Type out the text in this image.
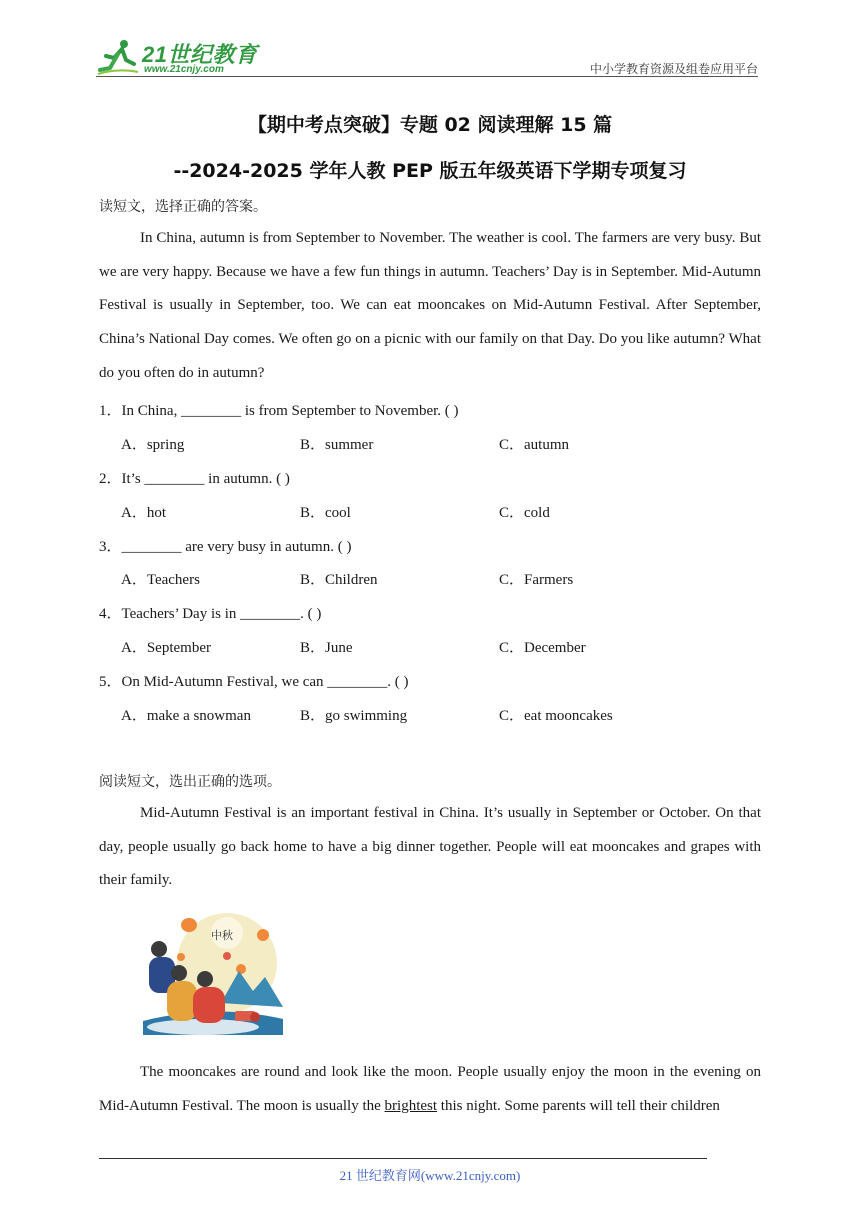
21世纪教育
www.21cnjy.com	中小学教育资源及组卷应用平台
【期中考点突破】专题 02 阅读理解 15 篇
--2024-2025 学年人教 PEP 版五年级英语下学期专项复习
读短文，选择正确的答案。
In China, autumn is from September to November. The weather is cool. The farmers are very busy. But we are very happy. Because we have a few fun things in autumn. Teachers’ Day is in September. Mid-Autumn Festival is usually in September, too. We can eat mooncakes on Mid-Autumn Festival. After September, China’s National Day comes. We often go on a picnic with our family on that Day. Do you like autumn? What do you often do in autumn?
1．In China, ________ is from September to November. ( )
A．spring	B．summer	C．autumn
2．It’s ________ in autumn. ( )
A．hot	B．cool	C．cold
3．________ are very busy in autumn. ( )
A．Teachers	B．Children	C．Farmers
4．Teachers’ Day is in ________. ( )
A．September	B．June	C．December
5．On Mid-Autumn Festival, we can ________. ( )
A．make a snowman	B．go swimming	C．eat mooncakes
阅读短文，选出正确的选项。
Mid-Autumn Festival is an important festival in China. It’s usually in September or October. On that day, people usually go back home to have a big dinner together. People will eat mooncakes and grapes with their family.
中秋
The mooncakes are round and look like the moon. People usually enjoy the moon in the evening on Mid-Autumn Festival. The moon is usually the brightest this night. Some parents will tell their children
21 世纪教育网(www.21cnjy.com)
